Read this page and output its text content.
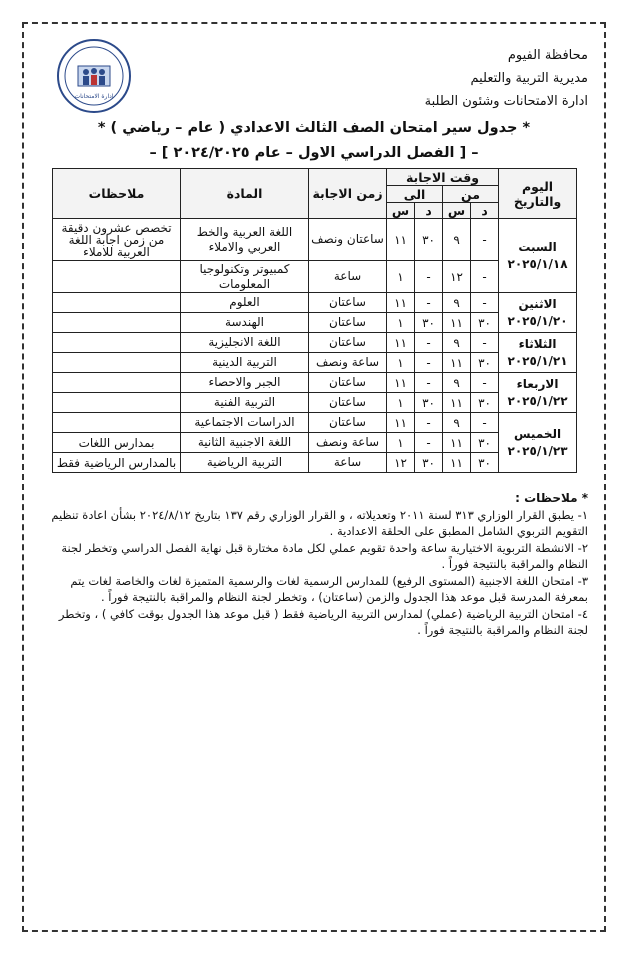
محافظة الفيوم
مديرية التربية والتعليم
ادارة الامتحانات وشئون الطلبة
ادارة الامتحانات
* جدول سير امتحان الصف الثالث الاعدادي ( عام – رياضي ) *
– [ الفصل الدراسي الاول – عام ٢٠٢٤/٢٠٢٥ ] –
اليوم والتاريخ	وقت الاجابة				زمن الاجابة	المادة	ملاحظات
	من		الى				
	د	س	د	س			

السبت
٢٠٢٥/١/١٨	-	٩	٣٠	١١	ساعتان ونصف	اللغة العربية والخط العربي والاملاء	تخصص عشرون دقيقة من زمن اجابة اللغة العربية للاملاء
	-	١٢	-	١	ساعة	كمبيوتر وتكنولوجيا المعلومات	

الاثنين
٢٠٢٥/١/٢٠	-	٩	-	١١	ساعتان	العلوم	
	٣٠	١١	٣٠	١	ساعتان	الهندسة	

الثلاثاء
٢٠٢٥/١/٢١	-	٩	-	١١	ساعتان	اللغة الانجليزية	
	٣٠	١١	-	١	ساعة ونصف	التربية الدينية	

الاربعاء
٢٠٢٥/١/٢٢	-	٩	-	١١	ساعتان	الجبر والاحصاء	
	٣٠	١١	٣٠	١	ساعتان	التربية الفنية	

الخميس
٢٠٢٥/١/٢٣	-	٩	-	١١	ساعتان	الدراسات الاجتماعية	
	٣٠	١١	-	١	ساعة ونصف	اللغة الاجنبية الثانية	بمدارس اللغات
	٣٠	١١	٣٠	١٢	ساعة	التربية الرياضية	بالمدارس الرياضية فقط

* ملاحظات :

١- يطبق القرار الوزاري ٣١٣ لسنة ٢٠١١ وتعديلاته ، و القرار الوزاري رقم ١٣٧ بتاريخ ٢٠٢٤/٨/١٢ بشأن اعادة تنظيم التقويم التربوي الشامل المطبق على الحلقة الاعدادية .

٢- الانشطة التربوية الاختيارية ساعة واحدة تقويم عملي لكل مادة مختارة قبل نهاية الفصل الدراسي وتخطر لجنة النظام والمراقبة بالنتيجة فوراً .

٣- امتحان اللغة الاجنبية (المستوى الرفيع) للمدارس الرسمية لغات والرسمية المتميزة لغات والخاصة لغات يتم بمعرفة المدرسة قبل موعد هذا الجدول والزمن (ساعتان) ، وتخطر لجنة النظام والمراقبة بالنتيجة فوراً .

٤- امتحان التربية الرياضية (عملي) لمدارس التربية الرياضية فقط ( قبل موعد هذا الجدول بوقت كافي ) ، وتخطر لجنة النظام والمراقبة بالنتيجة فوراً .
